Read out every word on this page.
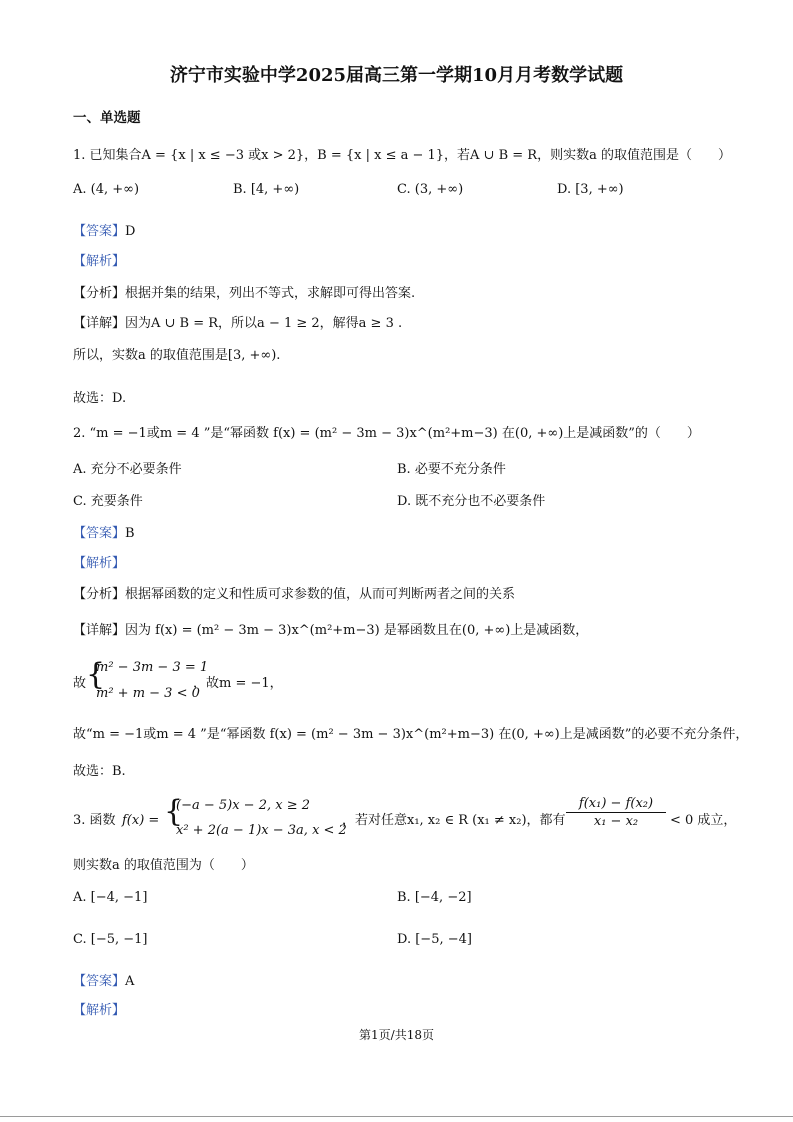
济宁市实验中学2025届高三第一学期10月月考数学试题
一、单选题
1. 已知集合A = {x | x ≤ −3 或x > 2}，B = {x | x ≤ a − 1}，若A ∪ B = R，则实数a 的取值范围是（　　）
A. (4, +∞)	B. [4, +∞)	C. (3, +∞)	D. [3, +∞)
【答案】D
【解析】
【分析】根据并集的结果，列出不等式，求解即可得出答案.
【详解】因为A ∪ B = R，所以a − 1 ≥ 2，解得a ≥ 3 .
所以，实数a 的取值范围是[3, +∞).
故选：D.
2. “m = −1或m = 4 ”是“幂函数 f(x) = (m² − 3m − 3)x^(m²+m−3) 在(0, +∞)上是减函数”的（　　）
A. 充分不必要条件	B. 必要不充分条件
C. 充要条件	D. 既不充分也不必要条件
【答案】B
【解析】
【分析】根据幂函数的定义和性质可求参数的值，从而可判断两者之间的关系
【详解】因为 f(x) = (m² − 3m − 3)x^(m²+m−3) 是幂函数且在(0, +∞)上是减函数，
故 {
m² − 3m − 3 = 1
m² + m − 3 < 0
，故m = −1，
故“m = −1或m = 4 ”是“幂函数 f(x) = (m² − 3m − 3)x^(m²+m−3) 在(0, +∞)上是减函数”的必要不充分条件，
故选：B.
3. 函数 f(x) = {
(−a − 5)x − 2, x ≥ 2
x² + 2(a − 1)x − 3a, x < 2
，若对任意x₁, x₂ ∈ R (x₁ ≠ x₂)，都有
f(x₁) − f(x₂)
x₁ − x₂	< 0 成立，
则实数a 的取值范围为（　　）
A. [−4, −1]	B. [−4, −2]
C. [−5, −1]	D. [−5, −4]
【答案】A
【解析】
第1页/共18页
